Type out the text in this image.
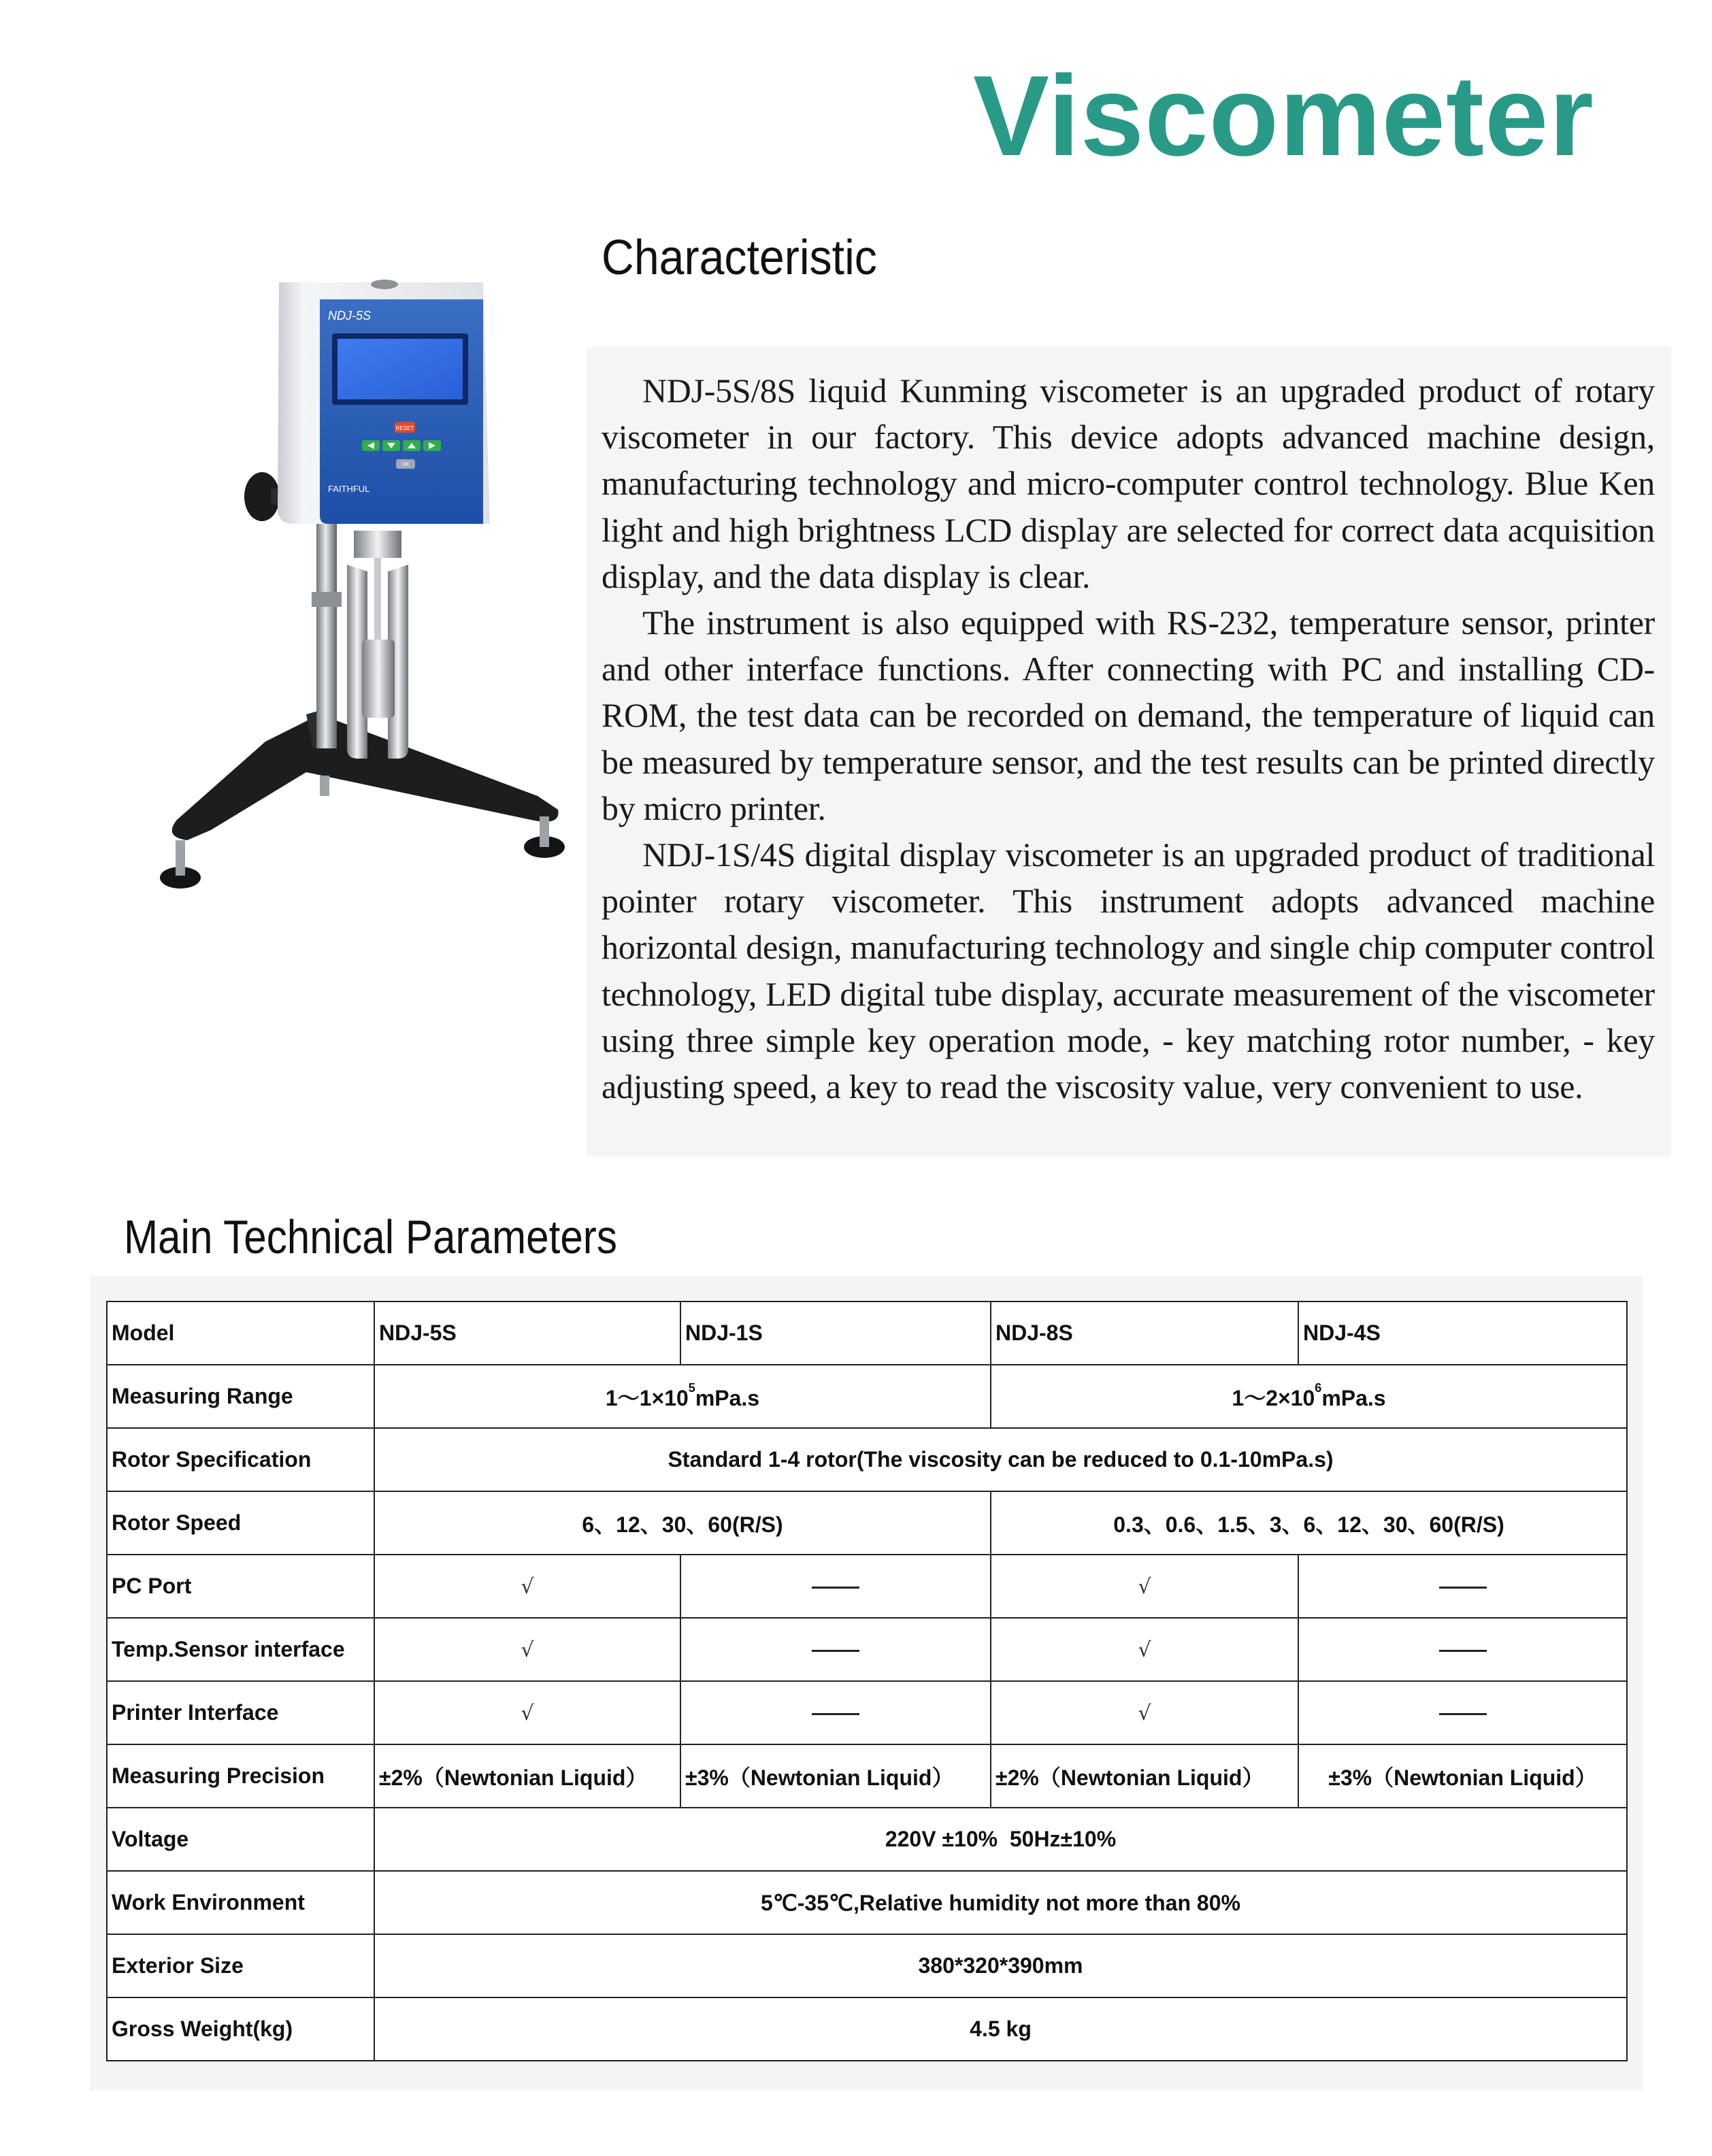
Viscometer
Characteristic
NDJ-5S
RESET
OK
FAITHFUL

NDJ-5S/8S liquid Kunming viscometer is an upgraded product of rotary viscometer in our factory. This device adopts advanced machine design, manufacturing technology and micro-computer control technology. Blue Ken light and high brightness LCD display are selected for correct data acquisition display, and the data display is clear.

The instrument is also equipped with RS-232, temperature sensor, printer and other interface functions. After connecting with PC and installing CD-ROM, the test data can be recorded on demand, the temperature of liquid can be measured by temperature sensor, and the test results can be printed directly by micro printer.

NDJ-1S/4S digital display viscometer is an upgraded product of traditional pointer rotary viscometer. This instrument adopts advanced machine horizontal design, manufacturing technology and single chip computer control technology, LED digital tube display, accurate measurement of the viscometer using three simple key operation mode, - key matching rotor number, - key adjusting speed, a key to read the viscosity value, very convenient to use.

Main Technical Parameters
Model	NDJ-5S	NDJ-1S	NDJ-8S	NDJ-4S
Measuring Range	$1\sim 1\times 10^5mPa.s$		$1\sim 2\times 10^6mPa.s$	
Rotor Specification	Standard 1-4 rotor(The viscosity can be reduced to 0.1-10mPa.s)			
Rotor Speed	6、12、30、60(R/S)		0.3、0.6、1.5、3、6、12、30、60(R/S)	
PC Port	√		√	
Temp.Sensor interface	√		√	
Printer Interface	√		√	
Measuring Precision	±2%（Newtonian Liquid）	±3%（Newtonian Liquid）	±2%（Newtonian Liquid）	±3%（Newtonian Liquid）
Voltage	220V ±10%  50Hz±10%			
Work Environment	5℃-35℃,Relative humidity not more than 80%			
Exterior Size	380*320*390mm			
Gross Weight(kg)	4.5 kg			
